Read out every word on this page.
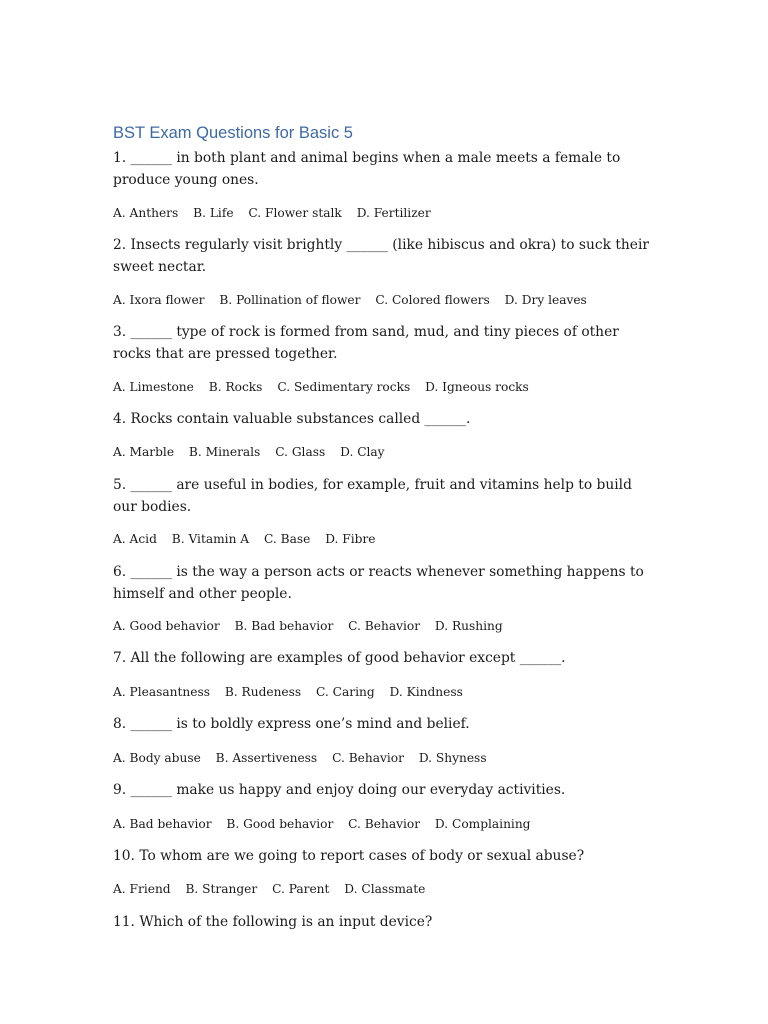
BST Exam Questions for Basic 5

1. ______ in both plant and animal begins when a male meets a female to produce young ones.

A. Anthers B. Life C. Flower stalk D. Fertilizer

2. Insects regularly visit brightly ______ (like hibiscus and okra) to suck their sweet nectar.

A. Ixora flower B. Pollination of flower C. Colored flowers D. Dry leaves

3. ______ type of rock is formed from sand, mud, and tiny pieces of other rocks that are pressed together.

A. Limestone B. Rocks C. Sedimentary rocks D. Igneous rocks

4. Rocks contain valuable substances called ______.

A. Marble B. Minerals C. Glass D. Clay

5. ______ are useful in bodies, for example, fruit and vitamins help to build our bodies.

A. Acid B. Vitamin A C. Base D. Fibre

6. ______ is the way a person acts or reacts whenever something happens to himself and other people.

A. Good behavior B. Bad behavior C. Behavior D. Rushing

7. All the following are examples of good behavior except ______.

A. Pleasantness B. Rudeness C. Caring D. Kindness

8. ______ is to boldly express one’s mind and belief.

A. Body abuse B. Assertiveness C. Behavior D. Shyness

9. ______ make us happy and enjoy doing our everyday activities.

A. Bad behavior B. Good behavior C. Behavior D. Complaining

10. To whom are we going to report cases of body or sexual abuse?

A. Friend B. Stranger C. Parent D. Classmate

11. Which of the following is an input device?
